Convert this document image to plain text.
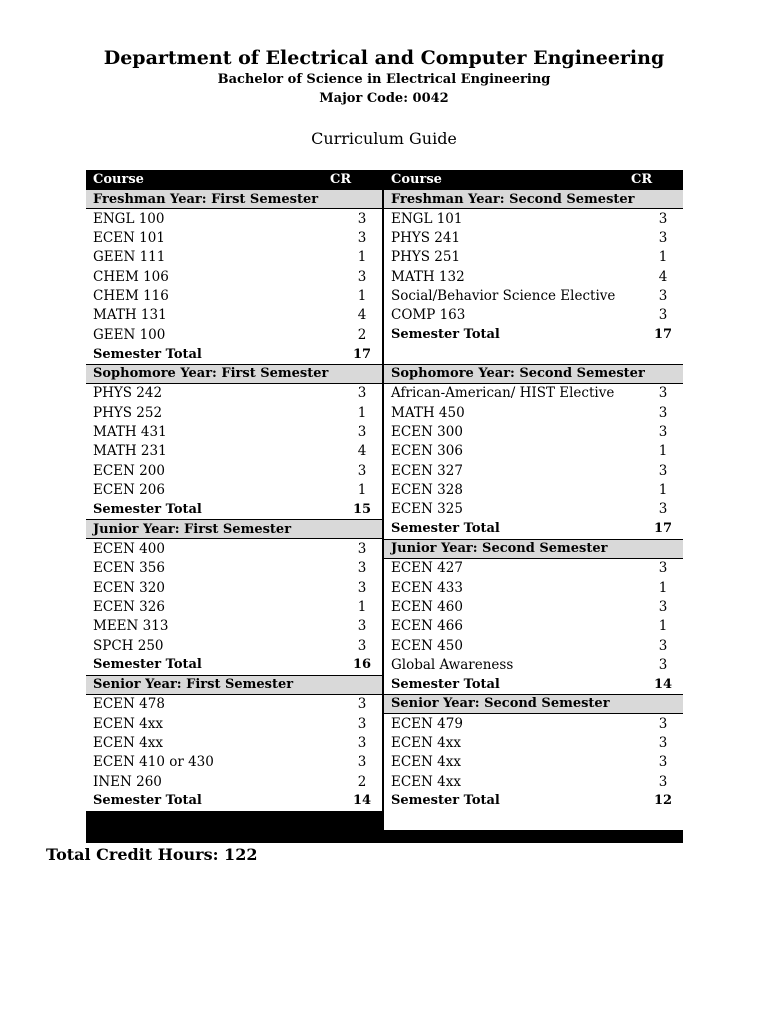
Department of Electrical and Computer Engineering
Bachelor of Science in Electrical Engineering
Major Code: 0042
Curriculum Guide
Course	CR
Freshman Year: First Semester
ENGL 100	3
ECEN 101	3
GEEN 111	1
CHEM 106	3
CHEM 116	1
MATH 131	4
GEEN 100	2
Semester Total	17
Sophomore Year: First Semester
PHYS 242	3
PHYS 252	1
MATH 431	3
MATH 231	4
ECEN 200	3
ECEN 206	1
Semester Total	15
Junior Year: First Semester
ECEN 400	3
ECEN 356	3
ECEN 320	3
ECEN 326	1
MEEN 313	3
SPCH 250	3
Semester Total	16
Senior Year: First Semester
ECEN 478	3
ECEN 4xx	3
ECEN 4xx	3
ECEN 410 or 430	3
INEN 260	2
Semester Total	14
Course	CR
Freshman Year: Second Semester
ENGL 101	3
PHYS 241	3
PHYS 251	1
MATH 132	4
Social/Behavior Science Elective	3
COMP 163	3
Semester Total	17
Sophomore Year: Second Semester
African-American/ HIST Elective	3
MATH 450	3
ECEN 300	3
ECEN 306	1
ECEN 327	3
ECEN 328	1
ECEN 325	3
Semester Total	17
Junior Year: Second Semester
ECEN 427	3
ECEN 433	1
ECEN 460	3
ECEN 466	1
ECEN 450	3
Global Awareness	3
Semester Total	14
Senior Year: Second Semester
ECEN 479	3
ECEN 4xx	3
ECEN 4xx	3
ECEN 4xx	3
Semester Total	12
Total Credit Hours: 122
